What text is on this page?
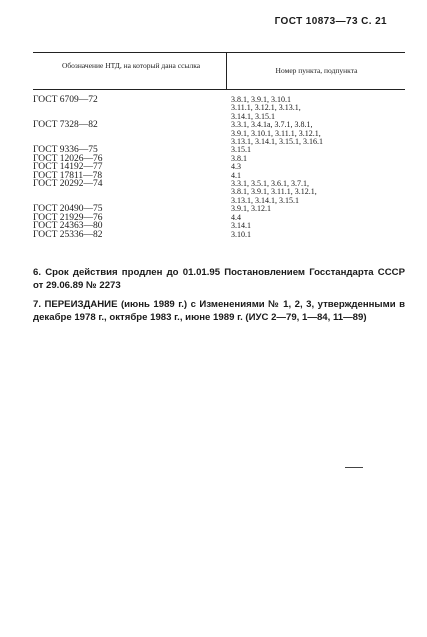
ГОСТ 10873—73 С. 21
Обозначение НТД, на который дана ссылка
Номер пункта, подпункта
ГОСТ 6709—72	3.8.1, 3.9.1, 3.10.1
3.11.1, 3.12.1, 3.13.1,
3.14.1, 3.15.1
ГОСТ 7328—82	3.3.1, 3.4.1а, 3.7.1, 3.8.1,
3.9.1, 3.10.1, 3.11.1, 3.12.1,
3.13.1, 3.14.1, 3.15.1, 3.16.1
ГОСТ 9336—75	3.15.1
ГОСТ 12026—76	3.8.1
ГОСТ 14192—77	4.3
ГОСТ 17811—78	4.1
ГОСТ 20292—74	3.3.1, 3.5.1, 3.6.1, 3.7.1,
3.8.1, 3.9.1, 3.11.1, 3.12.1,
3.13.1, 3.14.1, 3.15.1
ГОСТ 20490—75	3.9.1, 3.12.1
ГОСТ 21929—76	4.4
ГОСТ 24363—80	3.14.1
ГОСТ 25336—82	3.10.1
6. Срок действия продлен до 01.01.95 Постановлением Госстандарта СССР от 29.06.89 № 2273
7. ПЕРЕИЗДАНИЕ (июнь 1989 г.) с Изменениями № 1, 2, 3, утвержденными в декабре 1978 г., октябре 1983 г., июне 1989 г. (ИУС 2—79, 1—84, 11—89)
